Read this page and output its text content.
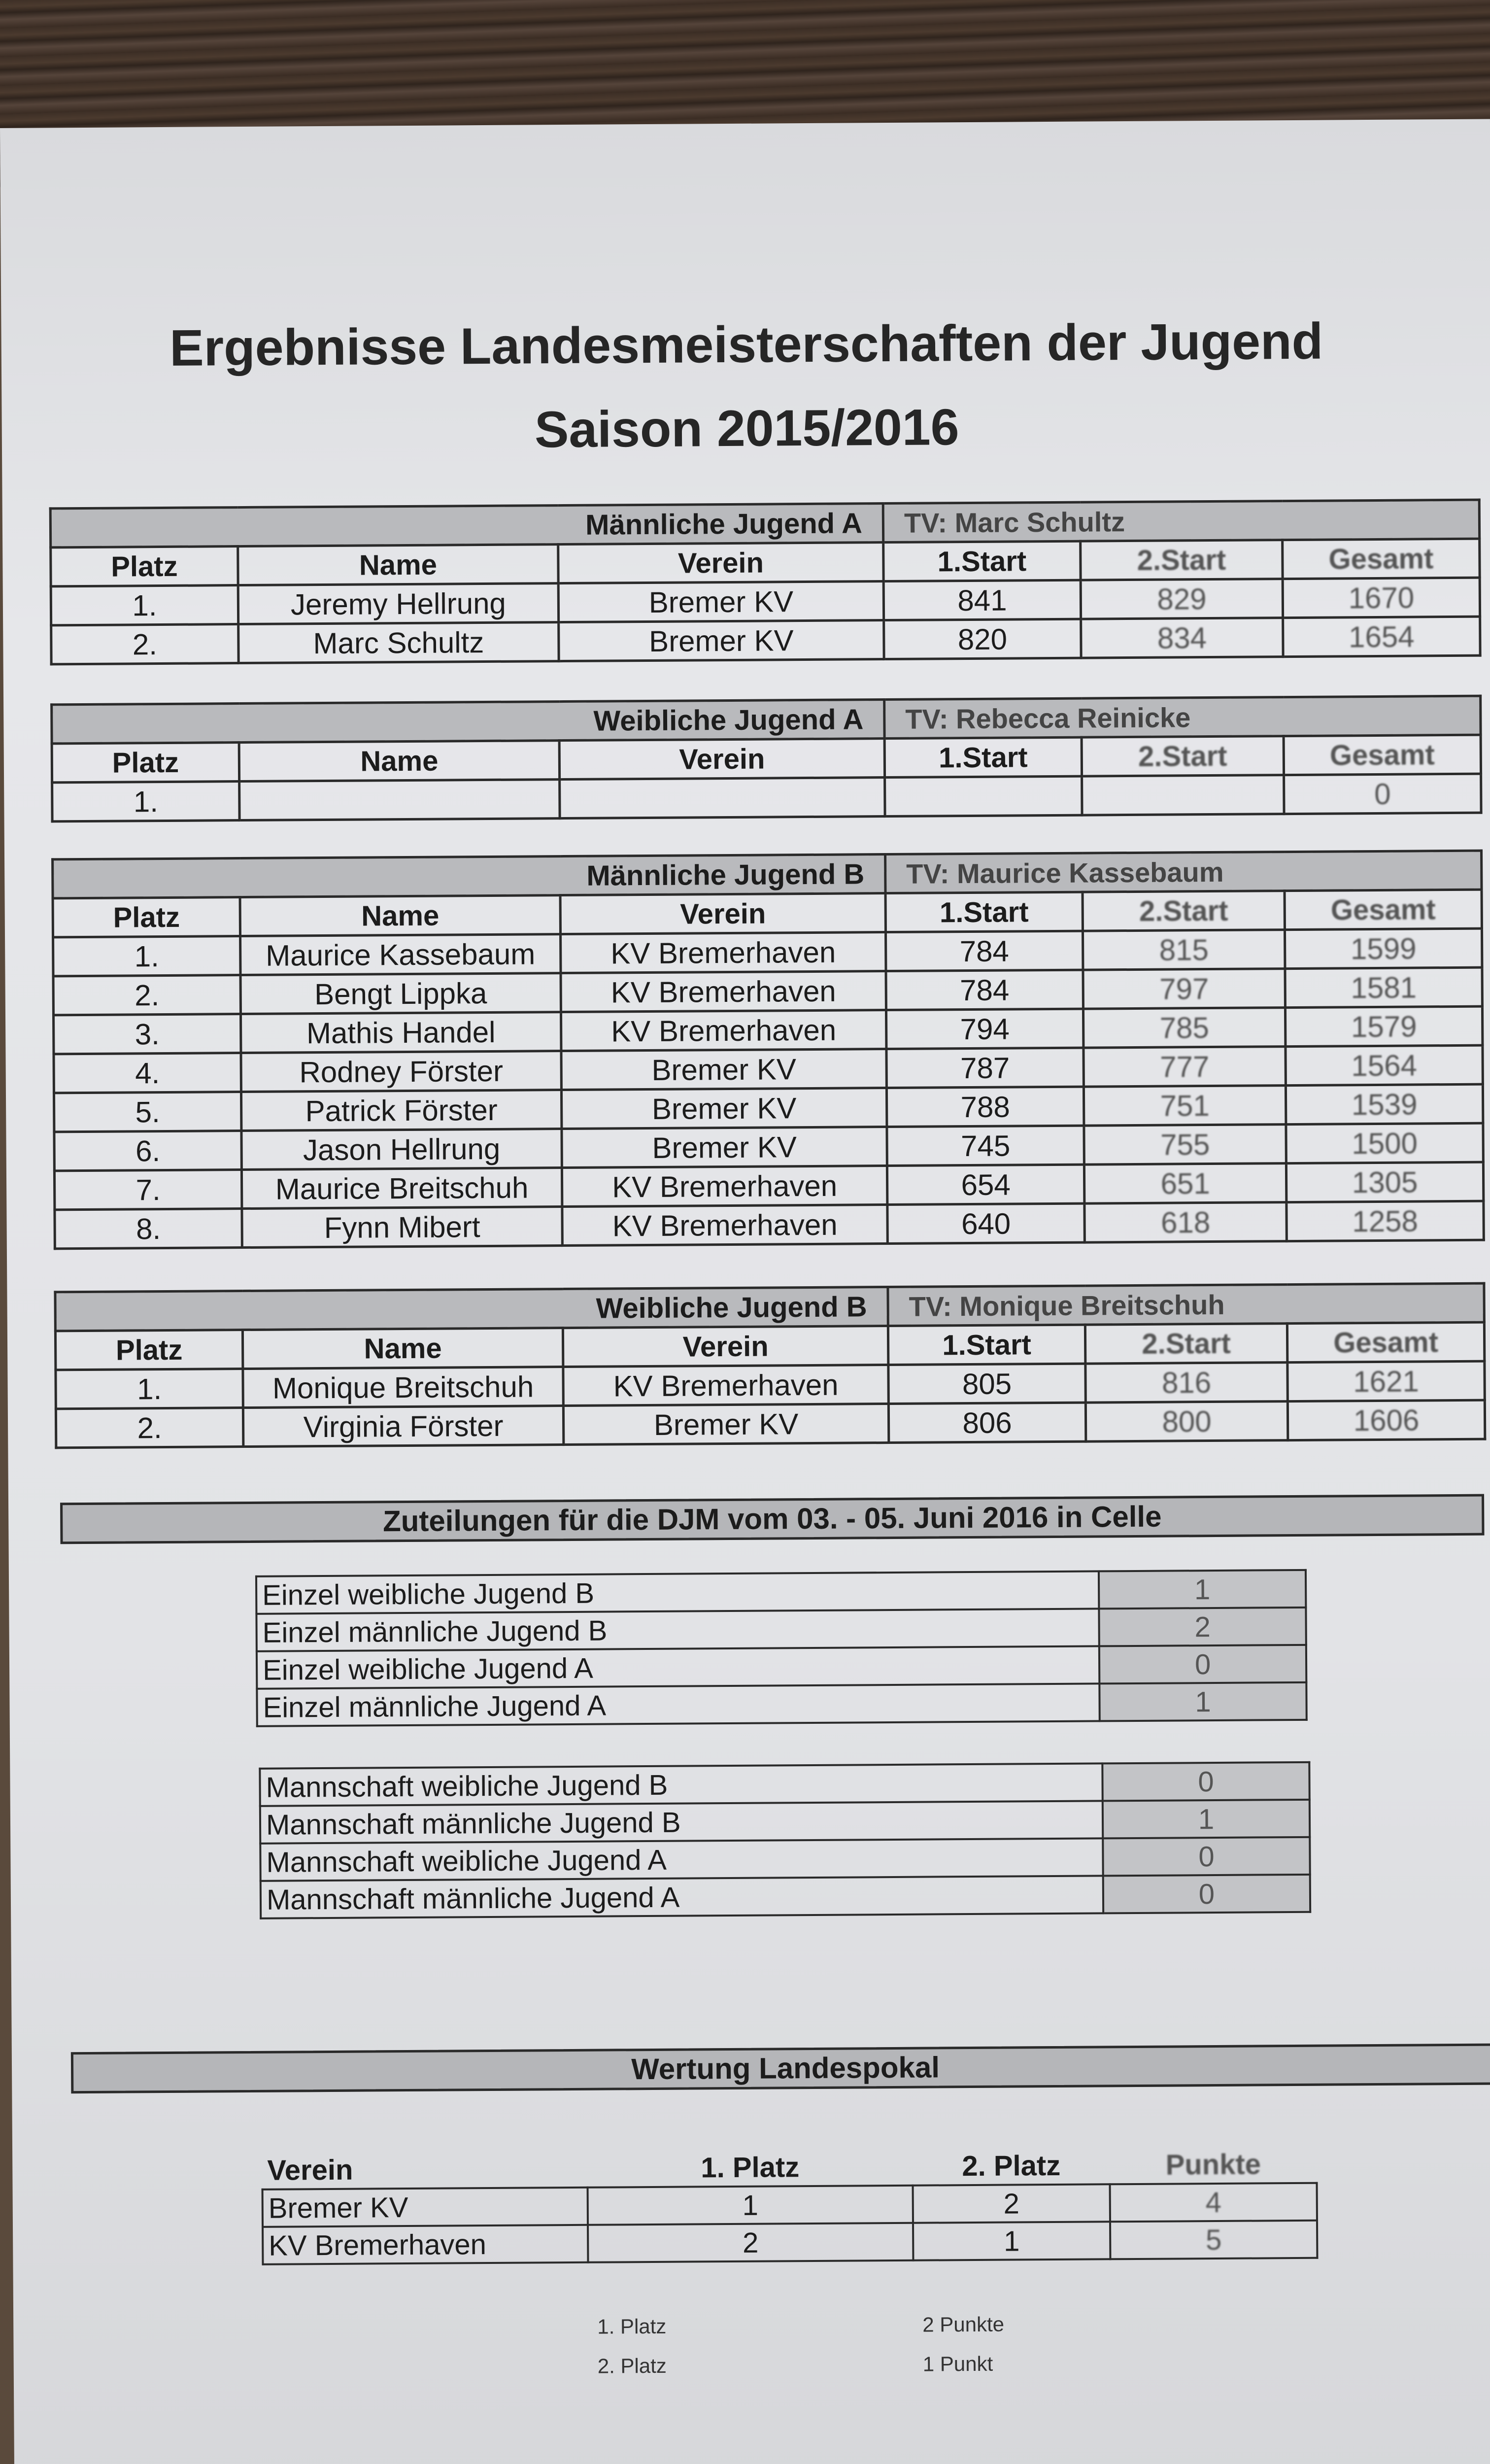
Ergebnisse Landesmeisterschaften der Jugend
Saison 2015/2016
Männliche Jugend A			TV: Marc Schultz		
Platz	Name	Verein	1.Start	2.Start	Gesamt
1.	Jeremy Hellrung	Bremer KV	841	829	1670
2.	Marc Schultz	Bremer KV	820	834	1654
Weibliche Jugend A			TV: Rebecca Reinicke		
Platz	Name	Verein	1.Start	2.Start	Gesamt
1.					0
Männliche Jugend B			TV: Maurice Kassebaum		
Platz	Name	Verein	1.Start	2.Start	Gesamt
1.	Maurice Kassebaum	KV Bremerhaven	784	815	1599
2.	Bengt Lippka	KV Bremerhaven	784	797	1581
3.	Mathis Handel	KV Bremerhaven	794	785	1579
4.	Rodney Förster	Bremer KV	787	777	1564
5.	Patrick Förster	Bremer KV	788	751	1539
6.	Jason Hellrung	Bremer KV	745	755	1500
7.	Maurice Breitschuh	KV Bremerhaven	654	651	1305
8.	Fynn Mibert	KV Bremerhaven	640	618	1258
Weibliche Jugend B			TV: Monique Breitschuh		
Platz	Name	Verein	1.Start	2.Start	Gesamt
1.	Monique Breitschuh	KV Bremerhaven	805	816	1621
2.	Virginia Förster	Bremer KV	806	800	1606
Zuteilungen für die DJM vom 03. - 05. Juni 2016 in Celle
Einzel weibliche Jugend B	1
Einzel männliche Jugend B	2
Einzel weibliche Jugend A	0
Einzel männliche Jugend A	1
Mannschaft weibliche Jugend B	0
Mannschaft männliche Jugend B	1
Mannschaft weibliche Jugend A	0
Mannschaft männliche Jugend A	0
Wertung Landespokal
Verein	1. Platz	2. Platz	Punkte
Bremer KV	1	2	4
KV Bremerhaven	2	1	5
1. Platz	2 Punkte
2. Platz	1 Punkt
